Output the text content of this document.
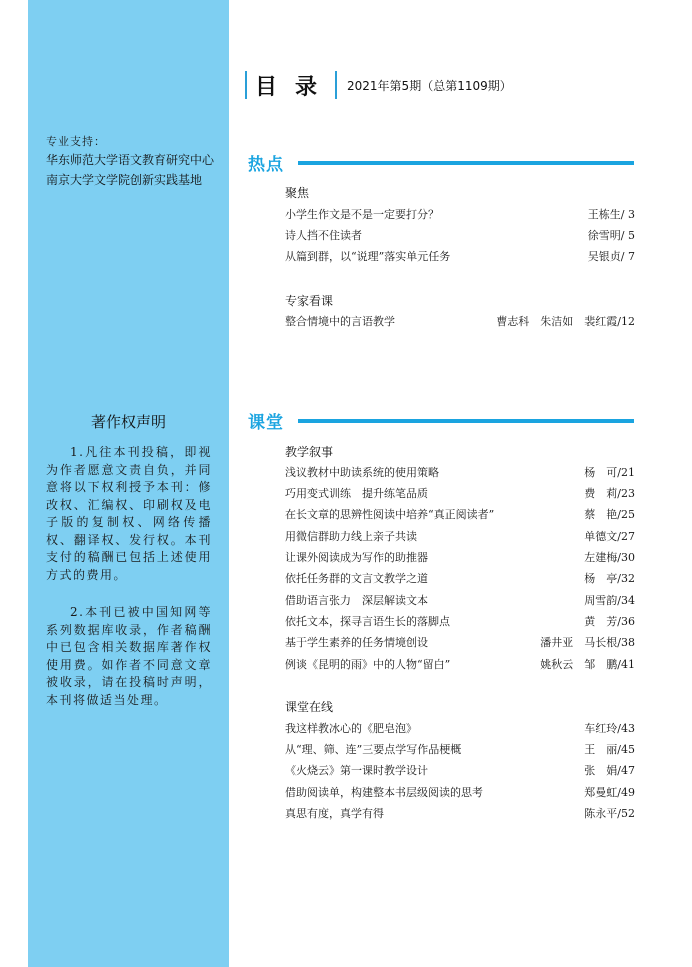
专业支持：
华东师范大学语文教育研究中心
南京大学文学院创新实践基地
著作权声明
1.凡往本刊投稿，即视为作者愿意文责自负，并同意将以下权利授予本刊：修改权、汇编权、印刷权及电子版的复制权、网络传播权、翻译权、发行权。本刊支付的稿酬已包括上述使用方式的费用。
2.本刊已被中国知网等系列数据库收录，作者稿酬中已包含相关数据库著作权使用费。如作者不同意文章被收录，请在投稿时声明，本刊将做适当处理。
目录	2021年第5期（总第1109期）
热点
聚焦
小学生作文是不是一定要打分？	王栋生/ 3
诗人挡不住读者	徐雪明/ 5
从篇到群，以“说理”落实单元任务	吴银贞/ 7
专家看课
整合情境中的言语教学	曹志科　朱洁如　裴红霞/12
课堂
教学叙事
浅议教材中助读系统的使用策略	杨　可/21
巧用变式训练　提升练笔品质	费　莉/23
在长文章的思辨性阅读中培养“真正阅读者”	蔡　艳/25
用微信群助力线上亲子共读	单德文/27
让课外阅读成为写作的助推器	左建梅/30
依托任务群的文言文教学之道	杨　亭/32
借助语言张力　深层解读文本	周雪韵/34
依托文本，探寻言语生长的落脚点	黄　芳/36
基于学生素养的任务情境创设	潘井亚　马长根/38
例谈《昆明的雨》中的人物“留白”	姚秋云　邹　鹏/41
课堂在线
我这样教冰心的《肥皂泡》	车红玲/43
从“理、筛、连”三要点学写作品梗概	王　丽/45
《火烧云》第一课时教学设计	张　娟/47
借助阅读单，构建整本书层级阅读的思考	郑曼虹/49
真思有度，真学有得	陈永平/52
